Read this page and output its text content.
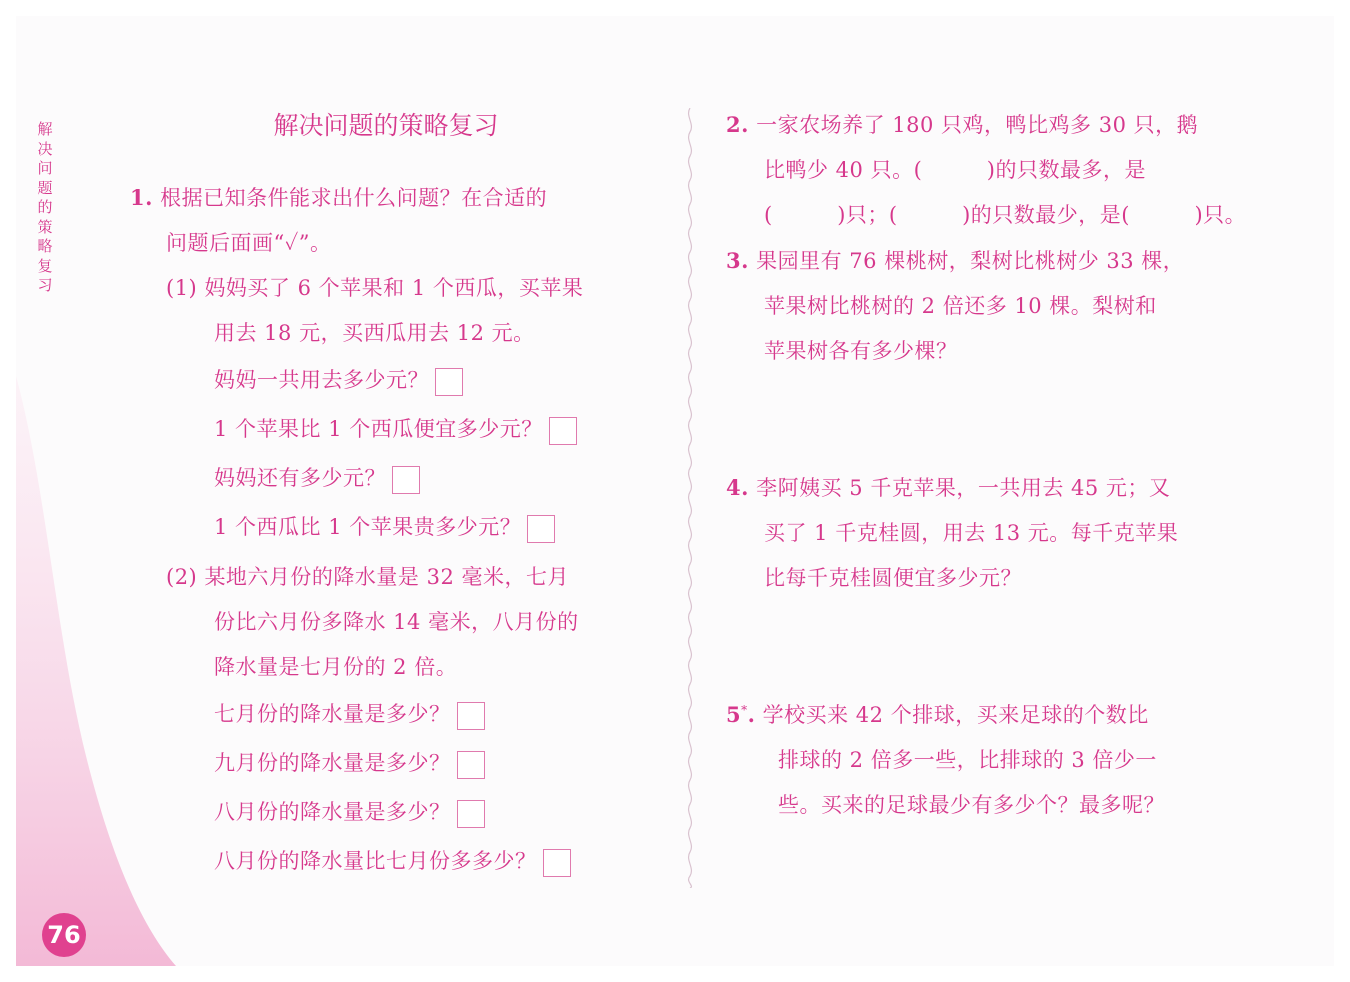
解
决
问
题
的
策
略
复
习
76
解决问题的策略复习
1. 根据已知条件能求出什么问题？在合适的
问题后面画“✓”。
(1) 妈妈买了 6 个苹果和 1 个西瓜，买苹果
用去 18 元，买西瓜用去 12 元。
妈妈一共用去多少元？
1 个苹果比 1 个西瓜便宜多少元？
妈妈还有多少元？
1 个西瓜比 1 个苹果贵多少元？
(2) 某地六月份的降水量是 32 毫米，七月
份比六月份多降水 14 毫米，八月份的
降水量是七月份的 2 倍。
七月份的降水量是多少？
九月份的降水量是多少？
八月份的降水量是多少？
八月份的降水量比七月份多多少？
2. 一家农场养了 180 只鸡，鸭比鸡多 30 只，鹅
比鸭少 40 只。(　　　)的只数最多，是
(　　　)只；(　　　)的只数最少，是(　　　)只。
3. 果园里有 76 棵桃树，梨树比桃树少 33 棵，
苹果树比桃树的 2 倍还多 10 棵。梨树和
苹果树各有多少棵？
4. 李阿姨买 5 千克苹果，一共用去 45 元；又
买了 1 千克桂圆，用去 13 元。每千克苹果
比每千克桂圆便宜多少元？
5*. 学校买来 42 个排球，买来足球的个数比
排球的 2 倍多一些，比排球的 3 倍少一
些。买来的足球最少有多少个？最多呢？
